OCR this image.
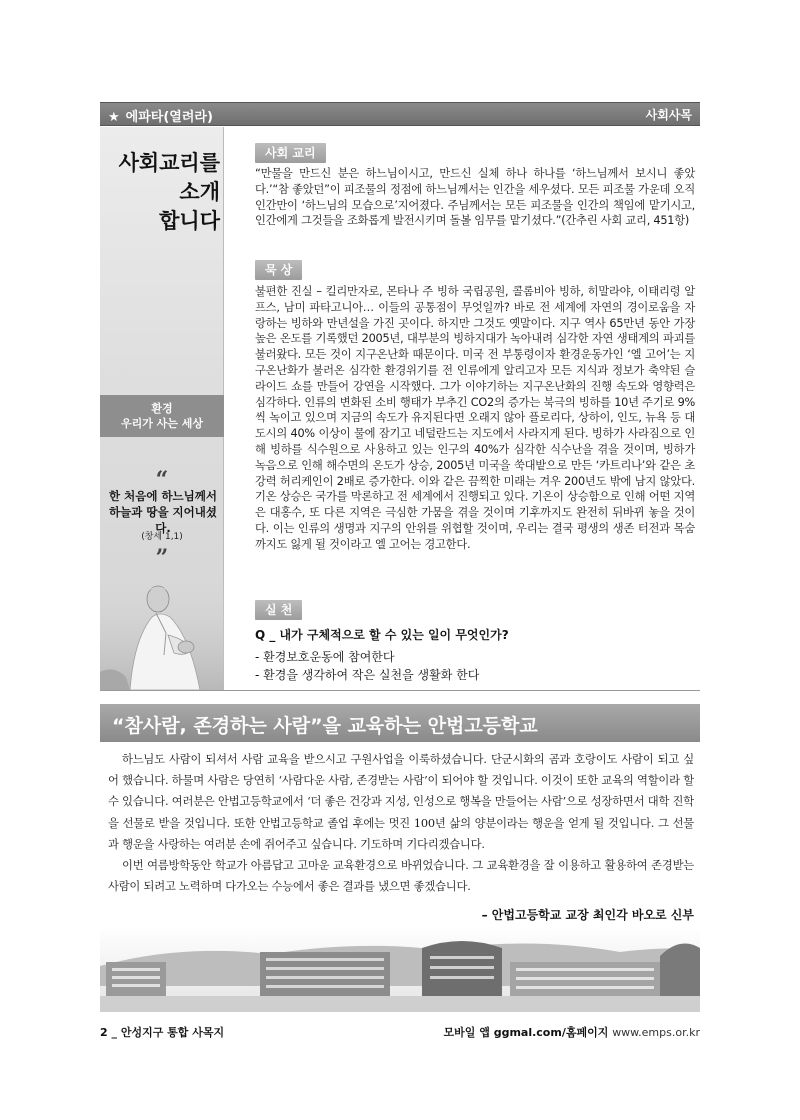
★ 에파타(열려라)	사회사목
사회교리를
소개
합니다
환경
우리가 사는 세상
“
한 처음에 하느님께서
하늘과 땅을 지어내셨다.
(창세 1,1)
”
사회 교리
“만물을 만드신 분은 하느님이시고, 만드신 실체 하나 하나를 ‘하느님께서 보시니 좋았다.’“참 좋았던”이 피조물의 정점에 하느님께서는 인간을 세우셨다. 모든 피조물 가운데 오직 인간만이 ‘하느님의 모습으로’지어졌다. 주님께서는 모든 피조물을 인간의 책임에 맡기시고, 인간에게 그것들을 조화롭게 발전시키며 돌볼 임무를 맡기셨다.”(간추린 사회 교리, 451항)
묵 상
불편한 진실 – 킬리만자로, 몬타나 주 빙하 국립공원, 콜롬비아 빙하, 히말라야, 이태리령 알프스, 남미 파타고니아… 이들의 공통점이 무엇일까? 바로 전 세계에 자연의 경이로움을 자랑하는 빙하와 만년설을 가진 곳이다. 하지만 그것도 옛말이다. 지구 역사 65만년 동안 가장 높은 온도를 기록했던 2005년, 대부분의 빙하지대가 녹아내려 심각한 자연 생태계의 파괴를 불러왔다. 모든 것이 지구온난화 때문이다. 미국 전 부통령이자 환경운동가인 ‘엘 고어’는 지구온난화가 불러온 심각한 환경위기를 전 인류에게 알리고자 모든 지식과 정보가 축약된 슬라이드 쇼를 만들어 강연을 시작했다. 그가 이야기하는 지구온난화의 진행 속도와 영향력은 심각하다. 인류의 변화된 소비 행태가 부추긴 CO2의 증가는 북극의 빙하를 10년 주기로 9%씩 녹이고 있으며 지금의 속도가 유지된다면 오래지 않아 플로리다, 상하이, 인도, 뉴욕 등 대도시의 40% 이상이 물에 잠기고 네덜란드는 지도에서 사라지게 된다. 빙하가 사라짐으로 인해 빙하를 식수원으로 사용하고 있는 인구의 40%가 심각한 식수난을 겪을 것이며, 빙하가 녹음으로 인해 해수면의 온도가 상승, 2005년 미국을 쑥대밭으로 만든 ‘카트리나’와 같은 초강력 허리케인이 2배로 증가한다. 이와 같은 끔찍한 미래는 겨우 200년도 밖에 남지 않았다. 기온 상승은 국가를 막론하고 전 세계에서 진행되고 있다. 기온이 상승함으로 인해 어떤 지역은 대홍수, 또 다른 지역은 극심한 가뭄을 겪을 것이며 기후까지도 완전히 뒤바뀌 놓을 것이다. 이는 인류의 생명과 지구의 안위를 위협할 것이며, 우리는 결국 평생의 생존 터전과 목숨까지도 잃게 될 것이라고 엘 고어는 경고한다.
실 천
Q _ 내가 구체적으로 할 수 있는 일이 무엇인가?
- 환경보호운동에 참여한다
- 환경을 생각하여 작은 실천을 생활화 한다
“참사람, 존경하는 사람”을 교육하는 안법고등학교

하느님도 사람이 되셔서 사람 교육을 받으시고 구원사업을 이룩하셨습니다. 단군시화의 곰과 호랑이도 사람이 되고 싶어 했습니다. 하물며 사람은 당연히 ‘사람다운 사람, 존경받는 사람’이 되어야 할 것입니다. 이것이 또한 교육의 역할이라 할 수 있습니다. 여러분은 안법고등학교에서 ‘더 좋은 건강과 지성, 인성으로 행복을 만들어는 사람’으로 성장하면서 대학 진학을 선물로 받을 것입니다. 또한 안법고등학교 졸업 후에는 멋진 100년 삶의 양분이라는 행운을 얻게 될 것입니다. 그 선물과 행운을 사랑하는 여러분 손에 쥐어주고 싶습니다. 기도하며 기다리겠습니다.

이번 여름방학동안 학교가 아름답고 고마운 교육환경으로 바뀌었습니다. 그 교육환경을 잘 이용하고 활용하여 존경받는 사람이 되려고 노력하며 다가오는 수능에서 좋은 결과를 냈으면 좋겠습니다.

– 안법고등학교 교장 최인각 바오로 신부
2 _ 안성지구 통합 사목지	모바일 앱 ggmal.com/홈페이지 www.emps.or.kr
